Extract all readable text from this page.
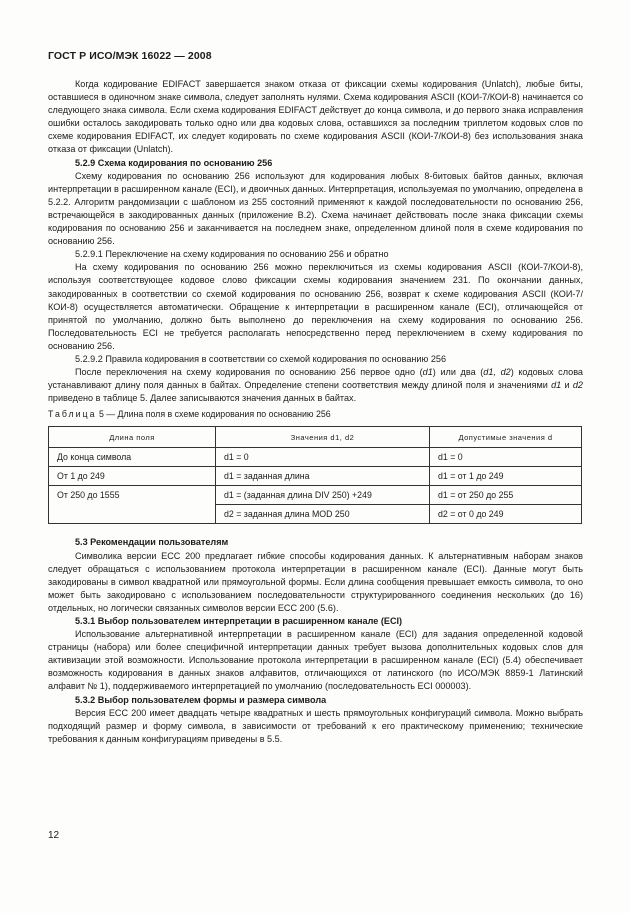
ГОСТ Р ИСО/МЭК 16022 — 2008

Когда кодирование EDIFACT завершается знаком отказа от фиксации схемы кодирования (Unlatch), любые биты, оставшиеся в одиночном знаке символа, следует заполнять нулями. Схема кодирования ASCII (КОИ-7/КОИ-8) начинается со следующего знака символа. Если схема кодирования EDIFACT действует до конца символа, и до первого знака исправления ошибки осталось закодировать только одно или два кодовых слова, оставшихся за последним триплетом кодовых слов по схеме кодирования EDIFACT, их следует кодировать по схеме кодирования ASCII (КОИ-7/КОИ-8) без использования знака отказа от фиксации (Unlatch).

5.2.9 Схема кодирования по основанию 256

Схему кодирования по основанию 256 используют для кодирования любых 8-битовых байтов данных, включая интерпретации в расширенном канале (ECI), и двоичных данных. Интерпретация, используемая по умолчанию, определена в 5.2.2. Алгоритм рандомизации с шаблоном из 255 состояний применяют к каждой последовательности по основанию 256, встречающейся в закодированных данных (приложение В.2). Схема начинает действовать после знака фиксации схемы кодирования по основанию 256 и заканчивается на последнем знаке, определенном длиной поля в схеме кодирования по основанию 256.

5.2.9.1 Переключение на схему кодирования по основанию 256 и обратно

На схему кодирования по основанию 256 можно переключиться из схемы кодирования ASCII (КОИ-7/КОИ-8), используя соответствующее кодовое слово фиксации схемы кодирования значением 231. По окончании данных, закодированных в соответствии со схемой кодирования по основанию 256, возврат к схеме кодирования ASCII (КОИ-7/КОИ-8) осуществляется автоматически. Обращение к интерпретации в расширенном канале (ECI), отличающейся от принятой по умолчанию, должно быть выполнено до переключения на схему кодирования по основанию 256. Последовательность ECI не требуется располагать непосредственно перед переключением в схему кодирования по основанию 256.

5.2.9.2 Правила кодирования в соответствии со схемой кодирования по основанию 256

После переключения на схему кодирования по основанию 256 первое одно (d1) или два (d1, d2) кодовых слова устанавливают длину поля данных в байтах. Определение степени соответствия между длиной поля и значениями d1 и d2 приведено в таблице 5. Далее записываются значения данных в байтах.

Таблица 5 — Длина поля в схеме кодирования по основанию 256
Длина поля	Значения d1, d2	Допустимые значения d
До конца символа	d1 = 0	d1 = 0
От 1 до 249	d1 = заданная длина	d1 = от 1 до 249
От 250 до 1555	d1 = (заданная длина DIV 250) +249	d1 = от 250 до 255
	d2 = заданная длина MOD 250	d2 = от 0 до 249
5.3 Рекомендации пользователям

Символика версии ЕСС 200 предлагает гибкие способы кодирования данных. К альтернативным наборам знаков следует обращаться с использованием протокола интерпретации в расширенном канале (ECI). Данные могут быть закодированы в символ квадратной или прямоугольной формы. Если длина сообщения превышает емкость символа, то оно может быть закодировано с использованием последовательности структурированного соединения нескольких (до 16) отдельных, но логически связанных символов версии ЕСС 200 (5.6).

5.3.1 Выбор пользователем интерпретации в расширенном канале (ECI)

Использование альтернативной интерпретации в расширенном канале (ECI) для задания определенной кодовой страницы (набора) или более специфичной интерпретации данных требует вызова дополнительных кодовых слов для активизации этой возможности. Использование протокола интерпретации в расширенном канале (ECI) (5.4) обеспечивает возможность кодирования в данных знаков алфавитов, отличающихся от латинского (по ИСО/МЭК 8859-1 Латинский алфавит № 1), поддерживаемого интерпретацией по умолчанию (последовательность ECI 000003).

5.3.2 Выбор пользователем формы и размера символа

Версия ЕСС 200 имеет двадцать четыре квадратных и шесть прямоугольных конфигураций символа. Можно выбрать подходящий размер и форму символа, в зависимости от требований к его практическому применению; технические требования к данным конфигурациям приведены в 5.5.

12
